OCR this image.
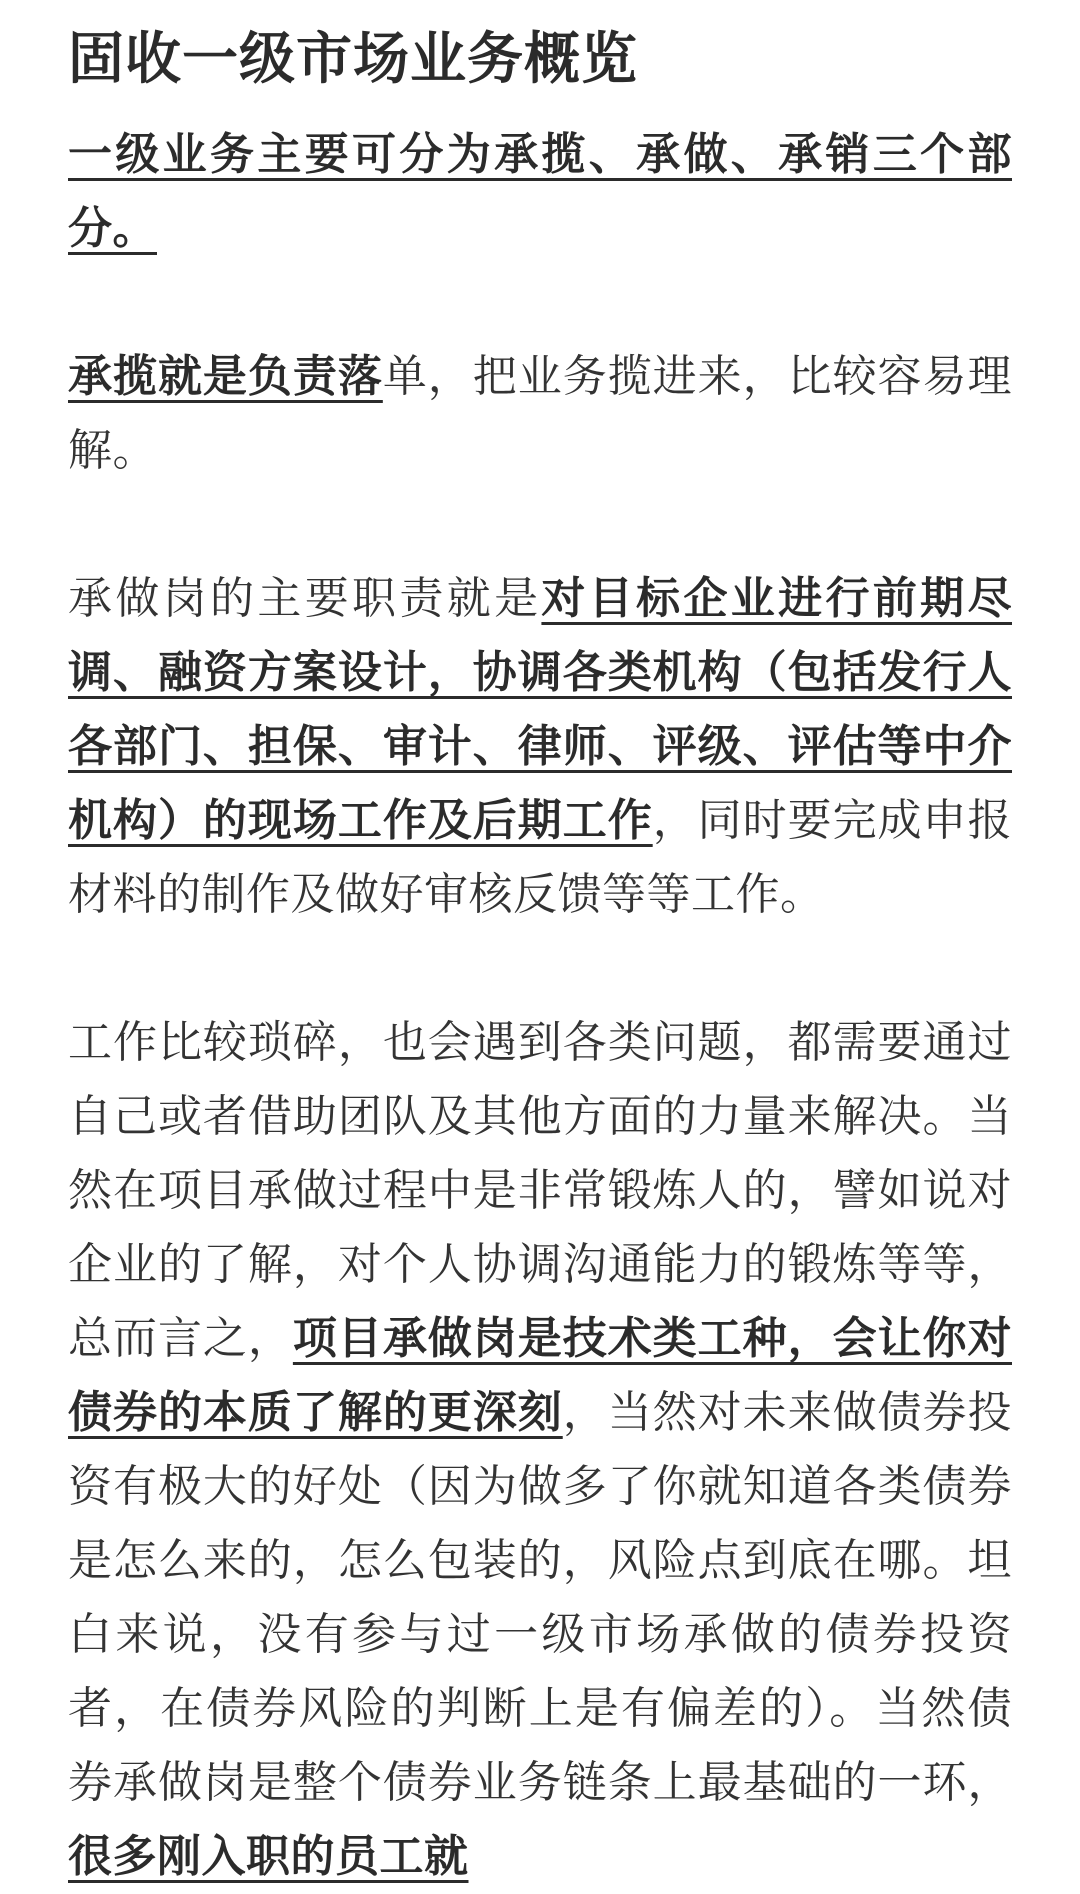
固收一级市场业务概览

一级业务主要可分为承揽、承做、承销三个部分。

承揽就是负责落单，把业务揽进来，比较容易理解。

承做岗的主要职责就是对目标企业进行前期尽调、融资方案设计，协调各类机构（包括发行人各部门、担保、审计、律师、评级、评估等中介机构）的现场工作及后期工作，同时要完成申报材料的制作及做好审核反馈等等工作。

工作比较琐碎，也会遇到各类问题，都需要通过自己或者借助团队及其他方面的力量来解决。当然在项目承做过程中是非常锻炼人的，譬如说对企业的了解，对个人协调沟通能力的锻炼等等，总而言之，项目承做岗是技术类工种，会让你对债券的本质了解的更深刻，当然对未来做债券投资有极大的好处（因为做多了你就知道各类债券是怎么来的，怎么包装的，风险点到底在哪。坦白来说，没有参与过一级市场承做的债券投资者，在债券风险的判断上是有偏差的）。当然债券承做岗是整个债券业务链条上最基础的一环，很多刚入职的员工就
